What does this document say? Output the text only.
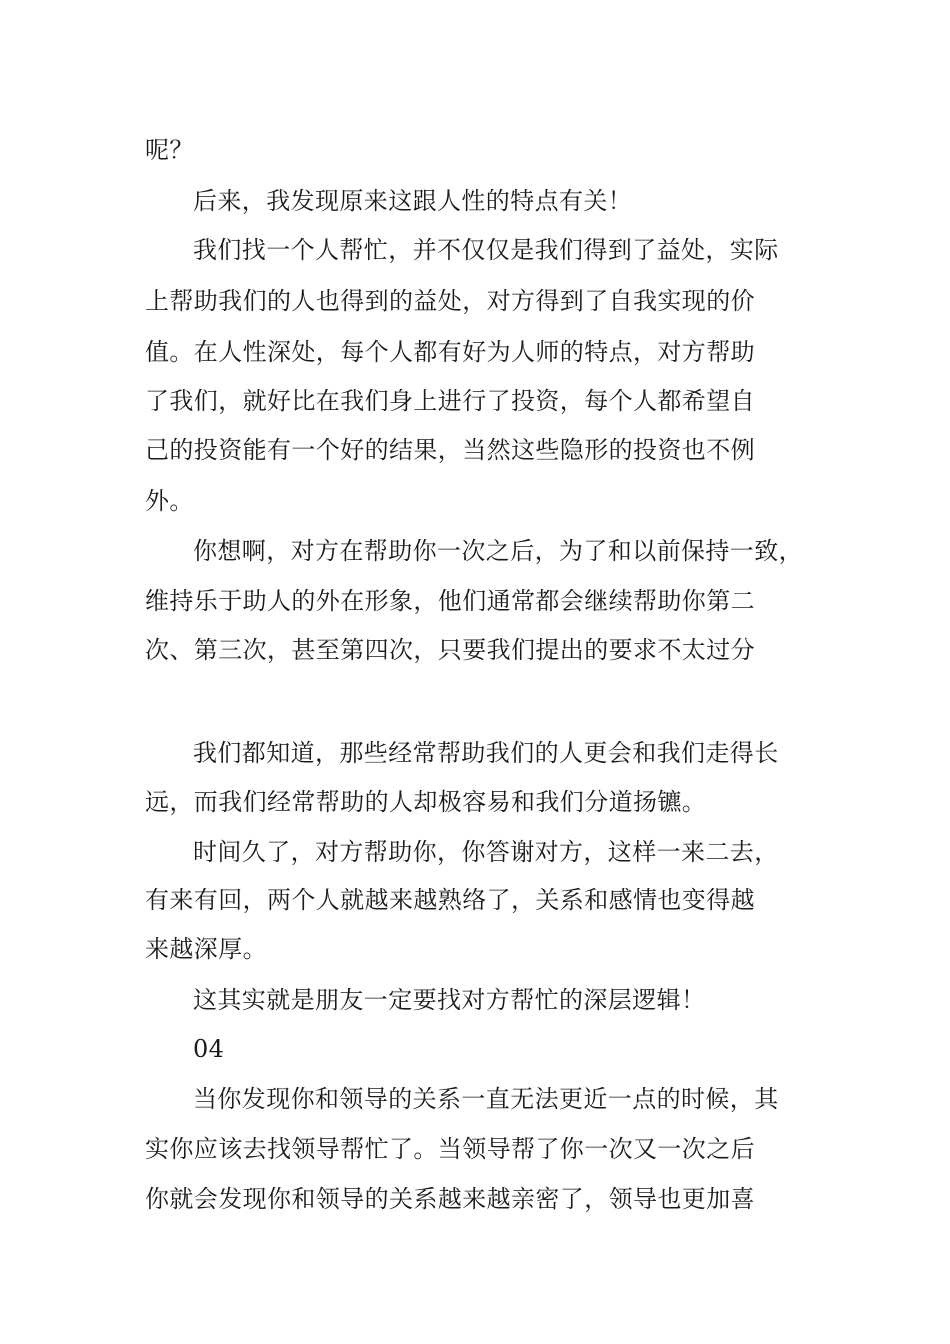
呢？
后来，我发现原来这跟人性的特点有关！
我们找一个人帮忙，并不仅仅是我们得到了益处，实际
上帮助我们的人也得到的益处，对方得到了自我实现的价
值。在人性深处，每个人都有好为人师的特点，对方帮助
了我们，就好比在我们身上进行了投资，每个人都希望自
己的投资能有一个好的结果，当然这些隐形的投资也不例
外。
你想啊，对方在帮助你一次之后，为了和以前保持一致，
维持乐于助人的外在形象，他们通常都会继续帮助你第二
次、第三次，甚至第四次，只要我们提出的要求不太过分
我们都知道，那些经常帮助我们的人更会和我们走得长
远，而我们经常帮助的人却极容易和我们分道扬镳。
时间久了，对方帮助你，你答谢对方，这样一来二去，
有来有回，两个人就越来越熟络了，关系和感情也变得越
来越深厚。
这其实就是朋友一定要找对方帮忙的深层逻辑！
04
当你发现你和领导的关系一直无法更近一点的时候，其
实你应该去找领导帮忙了。当领导帮了你一次又一次之后
你就会发现你和领导的关系越来越亲密了，领导也更加喜
